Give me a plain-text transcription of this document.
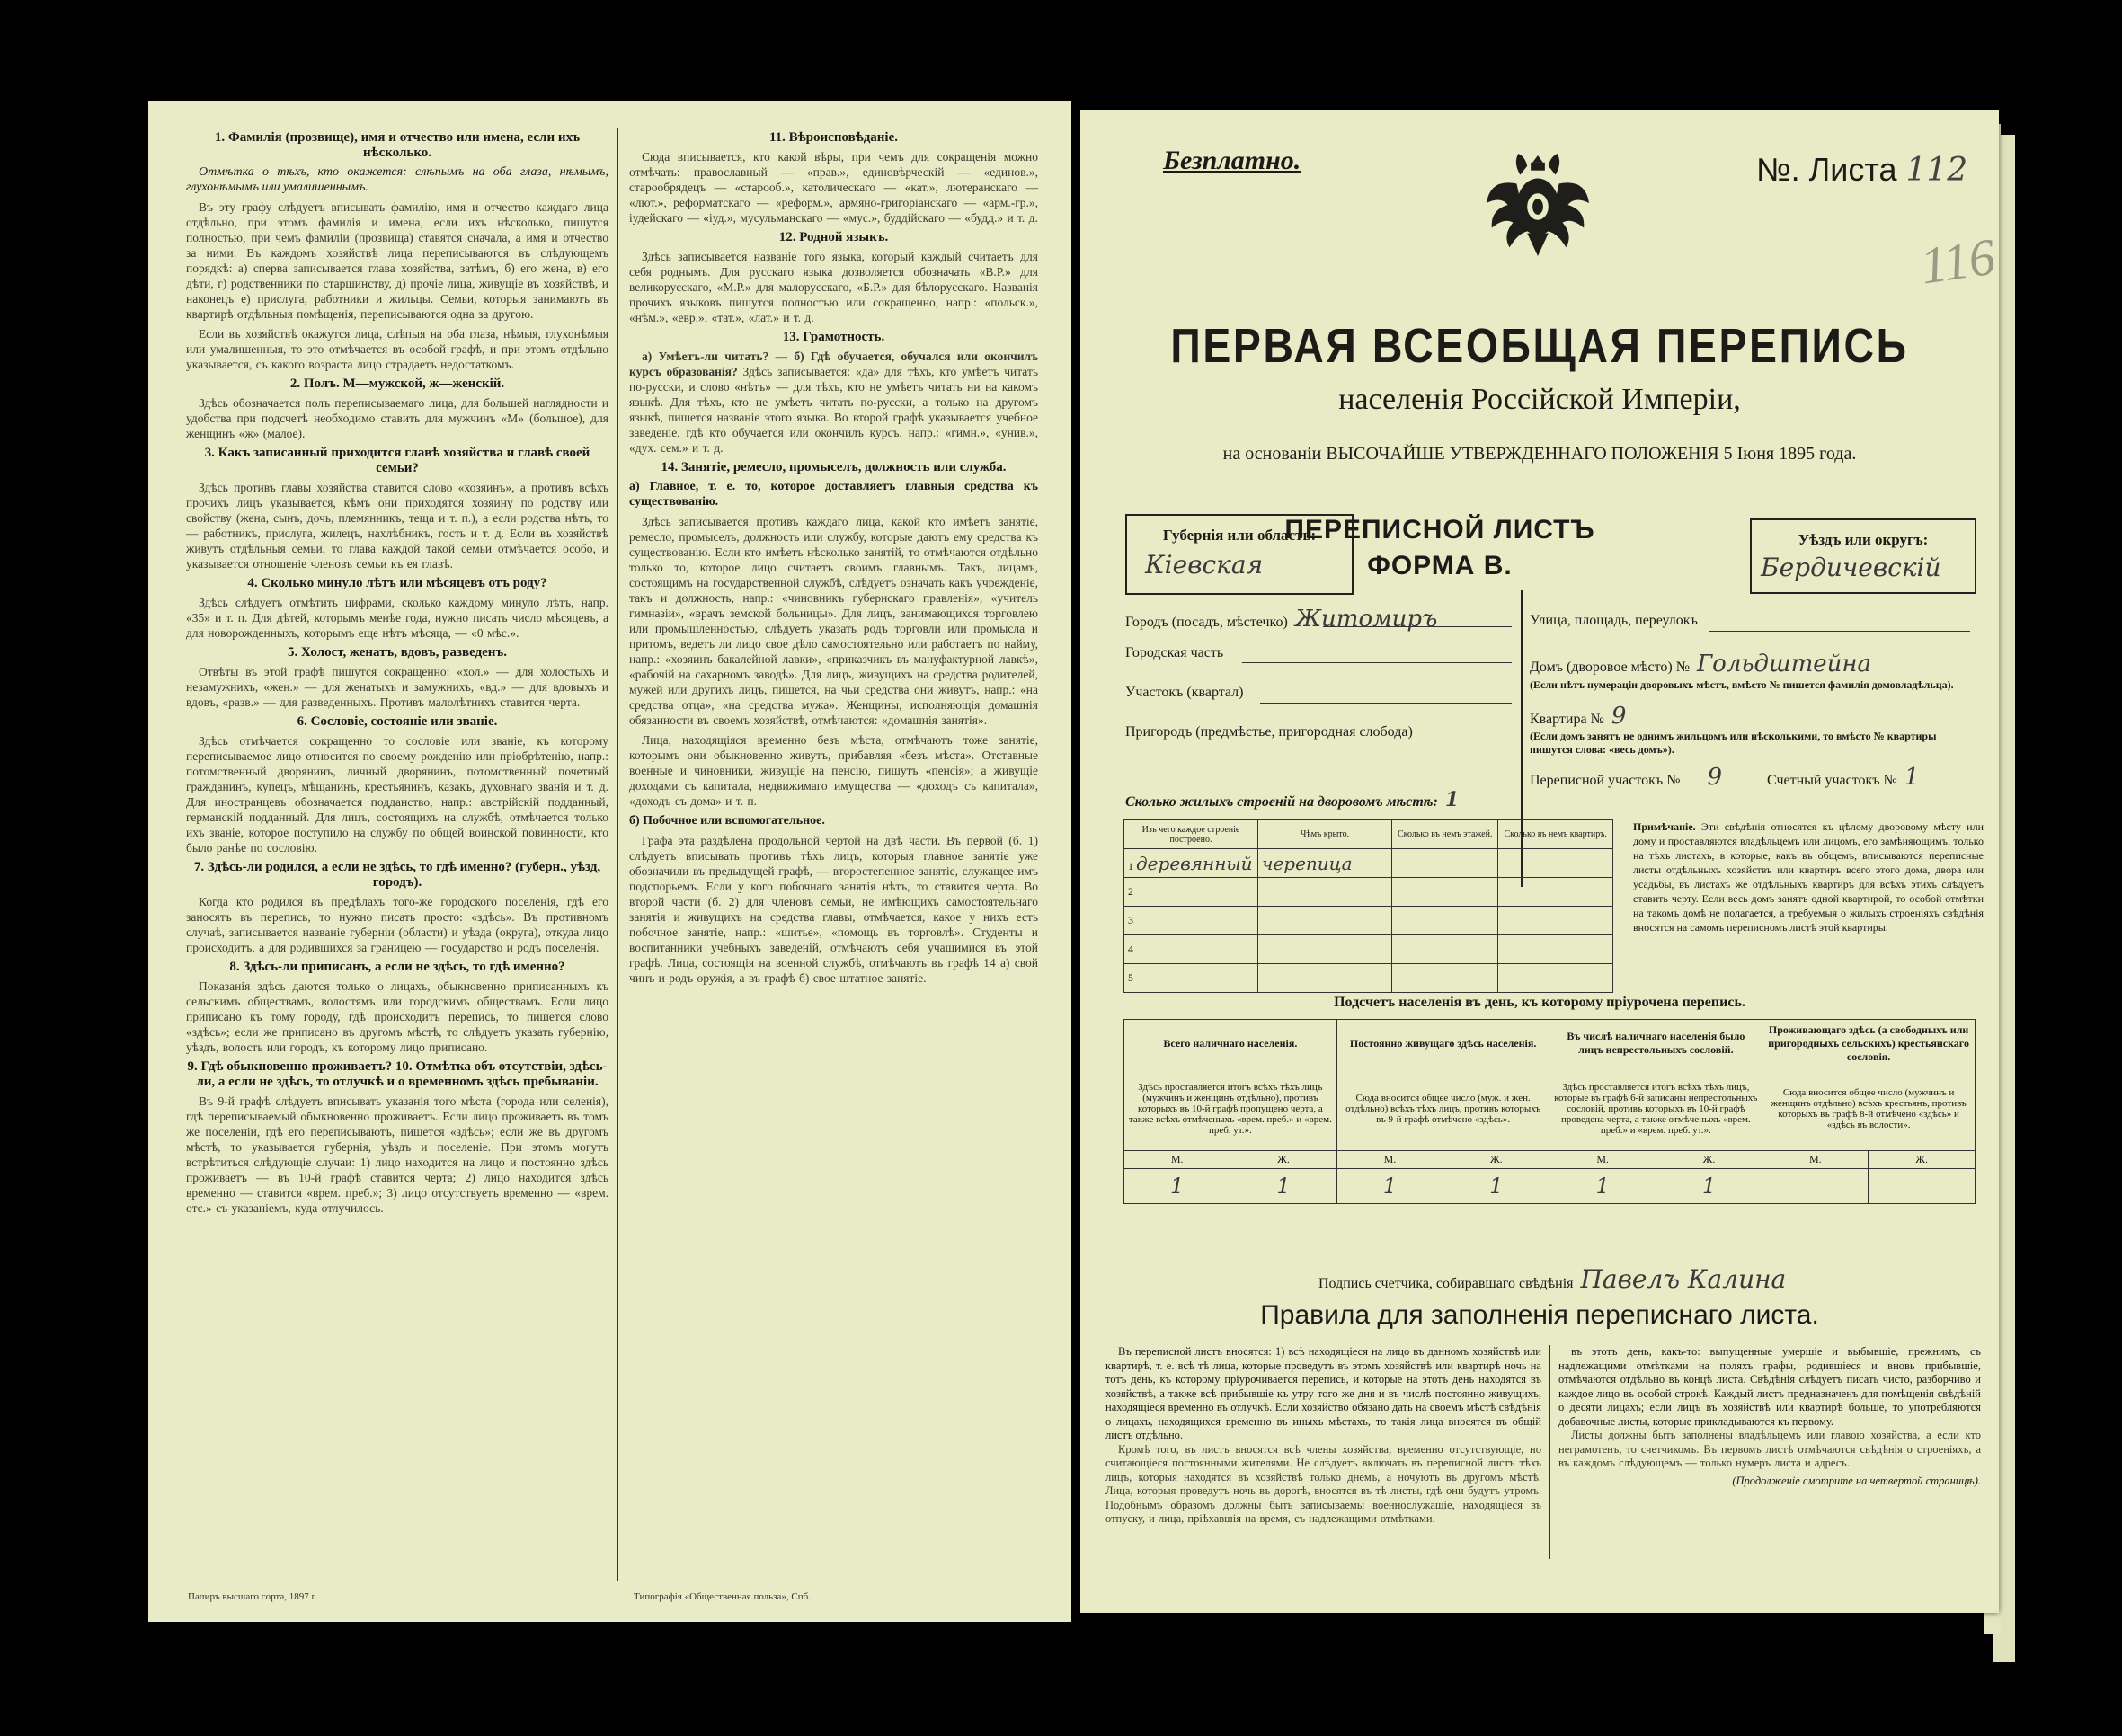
1. Фамилія (прозвище), имя и отчество или имена, если ихъ нѣсколько.

Отмѣтка о тѣхъ, кто окажется: слѣпымъ на оба глаза, нѣмымъ, глухонѣмымъ или умалишеннымъ.

Въ эту графу слѣдуетъ вписывать фамилію, имя и отчество каждаго лица отдѣльно, при этомъ фамилія и имена, если ихъ нѣсколько, пишутся полностью, при чемъ фамиліи (прозвища) ставятся сначала, а имя и отчество за ними. Въ каждомъ хозяйствѣ лица переписываются въ слѣдующемъ порядкѣ: а) сперва записывается глава хозяйства, затѣмъ, б) его жена, в) его дѣти, г) родственники по старшинству, д) прочіе лица, живущіе въ хозяйствѣ, и наконецъ е) прислуга, работники и жильцы. Семьи, которыя занимаютъ въ квартирѣ отдѣльныя помѣщенія, переписываются одна за другою.

Если въ хозяйствѣ окажутся лица, слѣпыя на оба глаза, нѣмыя, глухонѣмыя или умалишенныя, то это отмѣчается въ особой графѣ, и при этомъ отдѣльно указывается, съ какого возраста лицо страдаетъ недостаткомъ.

2. Полъ. М—мужской, ж—женскій.

Здѣсь обозначается полъ переписываемаго лица, для большей наглядности и удобства при подсчетѣ необходимо ставить для мужчинъ «М» (большое), для женщинъ «ж» (малое).

3. Какъ записанный приходится главѣ хозяйства и главѣ своей семьи?

Здѣсь противъ главы хозяйства ставится слово «хозяинъ», а противъ всѣхъ прочихъ лицъ указывается, кѣмъ они приходятся хозяину по родству или свойству (жена, сынъ, дочь, племянникъ, теща и т. п.), а если родства нѣтъ, то — работникъ, прислуга, жилецъ, нахлѣбникъ, гость и т. д. Если въ хозяйствѣ живутъ отдѣльныя семьи, то глава каждой такой семьи отмѣчается особо, и указывается отношеніе членовъ семьи къ ея главѣ.

4. Сколько минуло лѣтъ или мѣсяцевъ отъ роду?

Здѣсь слѣдуетъ отмѣтить цифрами, сколько каждому минуло лѣтъ, напр. «35» и т. п. Для дѣтей, которымъ менѣе года, нужно писать число мѣсяцевъ, а для новорожденныхъ, которымъ еще нѣтъ мѣсяца, — «0 мѣс.».

5. Холост, женатъ, вдовъ, разведенъ.

Отвѣты въ этой графѣ пишутся сокращенно: «хол.» — для холостыхъ и незамужнихъ, «жен.» — для женатыхъ и замужнихъ, «вд.» — для вдовыхъ и вдовъ, «разв.» — для разведенныхъ. Противъ малолѣтнихъ ставится черта.

6. Сословіе, состояніе или званіе.

Здѣсь отмѣчается сокращенно то сословіе или званіе, къ которому переписываемое лицо относится по своему рожденію или пріобрѣтенію, напр.: потомственный дворянинъ, личный дворянинъ, потомственный почетный гражданинъ, купецъ, мѣщанинъ, крестьянинъ, казакъ, духовнаго званія и т. д. Для иностранцевъ обозначается подданство, напр.: австрійскій подданный, германскій подданный. Для лицъ, состоящихъ на службѣ, отмѣчается только ихъ званіе, которое поступило на службу по общей воинской повинности, кто было ранѣе по сословію.

7. Здѣсь-ли родился, а если не здѣсь, то гдѣ именно? (губерн., уѣзд, городъ).

Когда кто родился въ предѣлахъ того-же городского поселенія, гдѣ его заносятъ въ перепись, то нужно писать просто: «здѣсь». Въ противномъ случаѣ, записывается названіе губерніи (области) и уѣзда (округа), откуда лицо происходитъ, а для родившихся за границею — государство и родъ поселенія.

8. Здѣсь-ли приписанъ, а если не здѣсь, то гдѣ именно?

Показанія здѣсь даются только о лицахъ, обыкновенно приписанныхъ къ сельскимъ обществамъ, волостямъ или городскимъ обществамъ. Если лицо приписано къ тому городу, гдѣ происходитъ перепись, то пишется слово «здѣсь»; если же приписано въ другомъ мѣстѣ, то слѣдуетъ указать губернію, уѣздъ, волость или городъ, къ которому лицо приписано.

9. Гдѣ обыкновенно проживаетъ? 10. Отмѣтка объ отсутствіи, здѣсь-ли, а если не здѣсь, то отлучкѣ и о временномъ здѣсь пребываніи.

Въ 9-й графѣ слѣдуетъ вписывать указанія того мѣста (города или селенія), гдѣ переписываемый обыкновенно проживаетъ. Если лицо проживаетъ въ томъ же поселеніи, гдѣ его переписываютъ, пишется «здѣсь»; если же въ другомъ мѣстѣ, то указывается губернія, уѣздъ и поселеніе. При этомъ могутъ встрѣтиться слѣдующіе случаи: 1) лицо находится на лицо и постоянно здѣсь проживаетъ — въ 10-й графѣ ставится черта; 2) лицо находится здѣсь временно — ставится «врем. преб.»; 3) лицо отсутствуетъ временно — «врем. отс.» съ указаніемъ, куда отлучилось.

11. Вѣроисповѣданіе.

Сюда вписывается, кто какой вѣры, при чемъ для сокращенія можно отмѣчать: православный — «прав.», единовѣрческій — «единов.», старообрядецъ — «старооб.», католическаго — «кат.», лютеранскаго — «лют.», реформатскаго — «реформ.», армяно-григоріанскаго — «арм.-гр.», іудейскаго — «іуд.», мусульманскаго — «мус.», буддійскаго — «будд.» и т. д.

12. Родной языкъ.

Здѣсь записывается названіе того языка, который каждый считаетъ для себя роднымъ. Для русскаго языка дозволяется обозначать «В.Р.» для великорусскаго, «М.Р.» для малорусскаго, «Б.Р.» для бѣлорусскаго. Названія прочихъ языковъ пишутся полностью или сокращенно, напр.: «польск.», «нѣм.», «евр.», «тат.», «лат.» и т. д.

13. Грамотность.

а) Умѣетъ-ли читать? — б) Гдѣ обучается, обучался или окончилъ курсъ образованія? Здѣсь записывается: «да» для тѣхъ, кто умѣетъ читать по-русски, и слово «нѣтъ» — для тѣхъ, кто не умѣетъ читать ни на какомъ языкѣ. Для тѣхъ, кто не умѣетъ читать по-русски, а только на другомъ языкѣ, пишется названіе этого языка. Во второй графѣ указывается учебное заведеніе, гдѣ кто обучается или окончилъ курсъ, напр.: «гимн.», «унив.», «дух. сем.» и т. д.

14. Занятіе, ремесло, промыселъ, должность или служба.

а) Главное, т. е. то, которое доставляетъ главныя средства къ существованію.

Здѣсь записывается противъ каждаго лица, какой кто имѣетъ занятіе, ремесло, промыселъ, должность или службу, которые даютъ ему средства къ существованію. Если кто имѣетъ нѣсколько занятій, то отмѣчаются отдѣльно только то, которое лицо считаетъ своимъ главнымъ. Такъ, лицамъ, состоящимъ на государственной службѣ, слѣдуетъ означать какъ учрежденіе, такъ и должность, напр.: «чиновникъ губернскаго правленія», «учитель гимназіи», «врачъ земской больницы». Для лицъ, занимающихся торговлею или промышленностью, слѣдуетъ указать родъ торговли или промысла и притомъ, ведетъ ли лицо свое дѣло самостоятельно или работаетъ по найму, напр.: «хозяинъ бакалейной лавки», «приказчикъ въ мануфактурной лавкѣ», «рабочій на сахарномъ заводѣ». Для лицъ, живущихъ на средства родителей, мужей или другихъ лицъ, пишется, на чьи средства они живутъ, напр.: «на средства отца», «на средства мужа». Женщины, исполняющія домашнія обязанности въ своемъ хозяйствѣ, отмѣчаются: «домашнія занятія».

Лица, находящіяся временно безъ мѣста, отмѣчаютъ тоже занятіе, которымъ они обыкновенно живутъ, прибавляя «безъ мѣста». Отставные военные и чиновники, живущіе на пенсію, пишутъ «пенсія»; а живущіе доходами съ капитала, недвижимаго имущества — «доходъ съ капитала», «доходъ съ дома» и т. п.

б) Побочное или вспомогательное.

Графа эта раздѣлена продольной чертой на двѣ части. Въ первой (б. 1) слѣдуетъ вписывать противъ тѣхъ лицъ, которыя главное занятіе уже обозначили въ предыдущей графѣ, — второстепенное занятіе, служащее имъ подспорьемъ. Если у кого побочнаго занятія нѣтъ, то ставится черта. Во второй части (б. 2) для членовъ семьи, не имѣющихъ самостоятельнаго занятія и живущихъ на средства главы, отмѣчается, какое у нихъ есть побочное занятіе, напр.: «шитье», «помощь въ торговлѣ». Студенты и воспитанники учебныхъ заведеній, отмѣчаютъ себя учащимися въ этой графѣ. Лица, состоящія на военной службѣ, отмѣчаютъ въ графѣ 14 а) свой чинъ и родъ оружія, а въ графѣ б) свое штатное занятіе.

Папиръ высшаго сорта, 1897 г.	Типографія «Общественная польза», Спб.
Безплатно.	№. Листа 112
116
ПЕРВАЯ ВСЕОБЩАЯ ПЕРЕПИСЬ
населенія Россійской Имперіи,
на основаніи ВЫСОЧАЙШЕ УТВЕРЖДЕННАГО ПОЛОЖЕНІЯ 5 Іюня 1895 года.
Губернія или область:
Кіевская
ПЕРЕПИСНОЙ ЛИСТЪ
ФОРМА В.
Уѣздъ или округъ:
Бердичевскій
Городъ (посадъ, мѣстечко) Житомиръ
Городская часть
Участокъ (квартал)
Пригородъ (предмѣстье, пригородная слобода)
Улица, площадь, переулокъ
Домъ (дворовое мѣсто) № Гольдштейна
(Если нѣтъ нумераціи дворовыхъ мѣстъ, вмѣсто № пишется фамилія домовладѣльца).
Квартира № 9
(Если домъ занятъ не однимъ жильцомъ или нѣсколькими, то вмѣсто № квартиры пишутся слова: «весь домъ»).
Переписной участокъ № 9	Счетный участокъ № 1
Сколько жилыхъ строеній на дворовомъ мѣстѣ: 1
Изъ чего каждое строеніе построено.	Чѣмъ крыто.	Сколько въ немъ этажей.	Сколько въ немъ квартиръ.
1 деревянный	черепица		
2			
3			
4			
5			
Примѣчаніе. Эти свѣдѣнія относятся къ цѣлому дворовому мѣсту или дому и проставляются владѣльцемъ или лицомъ, его замѣняющимъ, только на тѣхъ листахъ, в которые, какъ въ общемъ, вписываются переписные листы отдѣльныхъ хозяйствъ или квартиръ всего этого дома, двора или усадьбы, въ листахъ же отдѣльныхъ квартиръ для всѣхъ этихъ слѣдуетъ ставить черту. Если весь домъ занятъ одной квартирой, то особой отмѣтки на такомъ домѣ не полагается, а требуемыя о жилыхъ строеніяхъ свѣдѣнія вносятся на самомъ переписномъ листѣ этой квартиры.
Подсчетъ населенія въ день, къ которому пріурочена перепись.
Всего наличнаго населенія.		Постоянно живущаго здѣсь населенія.		Въ числѣ наличнаго населенія было лицъ непрестольныхъ сословій.		Проживающаго здѣсь (а свободныхъ или пригородныхъ сельскихъ) крестьянскаго сословія.	
Здѣсь проставляется итогъ всѣхъ тѣхъ лицъ (мужчинъ и женщинъ отдѣльно), противъ которыхъ въ 10-й графѣ пропущено черта, а также всѣхъ отмѣченыхъ «врем. преб.» и «врем. преб. ут.».		Сюда вносится общее число (муж. и жен. отдѣльно) всѣхъ тѣхъ лицъ, противъ которыхъ въ 9-й графѣ отмѣчено «здѣсь».		Здѣсь проставляется итогъ всѣхъ тѣхъ лицъ, которые въ графѣ 6-й записаны непрестольныхъ сословій, противъ которыхъ въ 10-й графѣ проведена черта, а также отмѣченыхъ «врем. преб.» и «врем. преб. ут.».		Сюда вносится общее число (мужчинъ и женщинъ отдѣльно) всѣхъ крестьянъ, противъ которыхъ въ графѣ 8-й отмѣчено «здѣсь» и «здѣсь въ волости».	
М.	Ж.	М.	Ж.	М.	Ж.	М.	Ж.
1	1	1	1	1	1		
Подпись счетчика, собиравшаго свѣдѣнія Павелъ Калина
Правила для заполненія переписнаго листа.

Въ переписной листъ вносятся: 1) всѣ находящіеся на лицо въ данномъ хозяйствѣ или квартирѣ, т. е. всѣ тѣ лица, которые проведутъ въ этомъ хозяйствѣ или квартирѣ ночь на тотъ день, къ которому пріурочивается перепись, и которые на этотъ день находятся въ хозяйствѣ, а также всѣ прибывшіе къ утру того же дня и въ числѣ постоянно живущихъ, находящіеся временно въ отлучкѣ. Если хозяйство обязано дать на своемъ мѣстѣ свѣдѣнія о лицахъ, находящихся временно въ иныхъ мѣстахъ, то такія лица вносятся въ общій листъ отдѣльно.

Кромѣ того, въ листъ вносятся всѣ члены хозяйства, временно отсутствующіе, но считающіеся постоянными жителями. Не слѣдуетъ включать въ переписной листъ тѣхъ лицъ, которыя находятся въ хозяйствѣ только днемъ, а ночуютъ въ другомъ мѣстѣ. Лица, которыя проведутъ ночь въ дорогѣ, вносятся въ тѣ листы, гдѣ они будутъ утромъ. Подобнымъ образомъ должны быть записываемы военнослужащіе, находящіеся въ отпуску, и лица, пріѣхавшія на время, съ надлежащими отмѣтками.

въ этотъ день, какъ-то: выпущенные умершіе и выбывшіе, прежнимъ, съ надлежащими отмѣтками на поляхъ графы, родившіеся и вновь прибывшіе, отмѣчаются отдѣльно въ концѣ листа. Свѣдѣнія слѣдуетъ писать чисто, разборчиво и каждое лицо въ особой строкѣ. Каждый листъ предназначенъ для помѣщенія свѣдѣній о десяти лицахъ; если лицъ въ хозяйствѣ или квартирѣ больше, то употребляются добавочные листы, которые прикладываются къ первому.

Листы должны быть заполнены владѣльцемъ или главою хозяйства, а если кто неграмотенъ, то счетчикомъ. Въ первомъ листѣ отмѣчаются свѣдѣнія о строеніяхъ, а въ каждомъ слѣдующемъ — только нумеръ листа и адресъ.

(Продолженіе смотрите на четвертой страницѣ).
